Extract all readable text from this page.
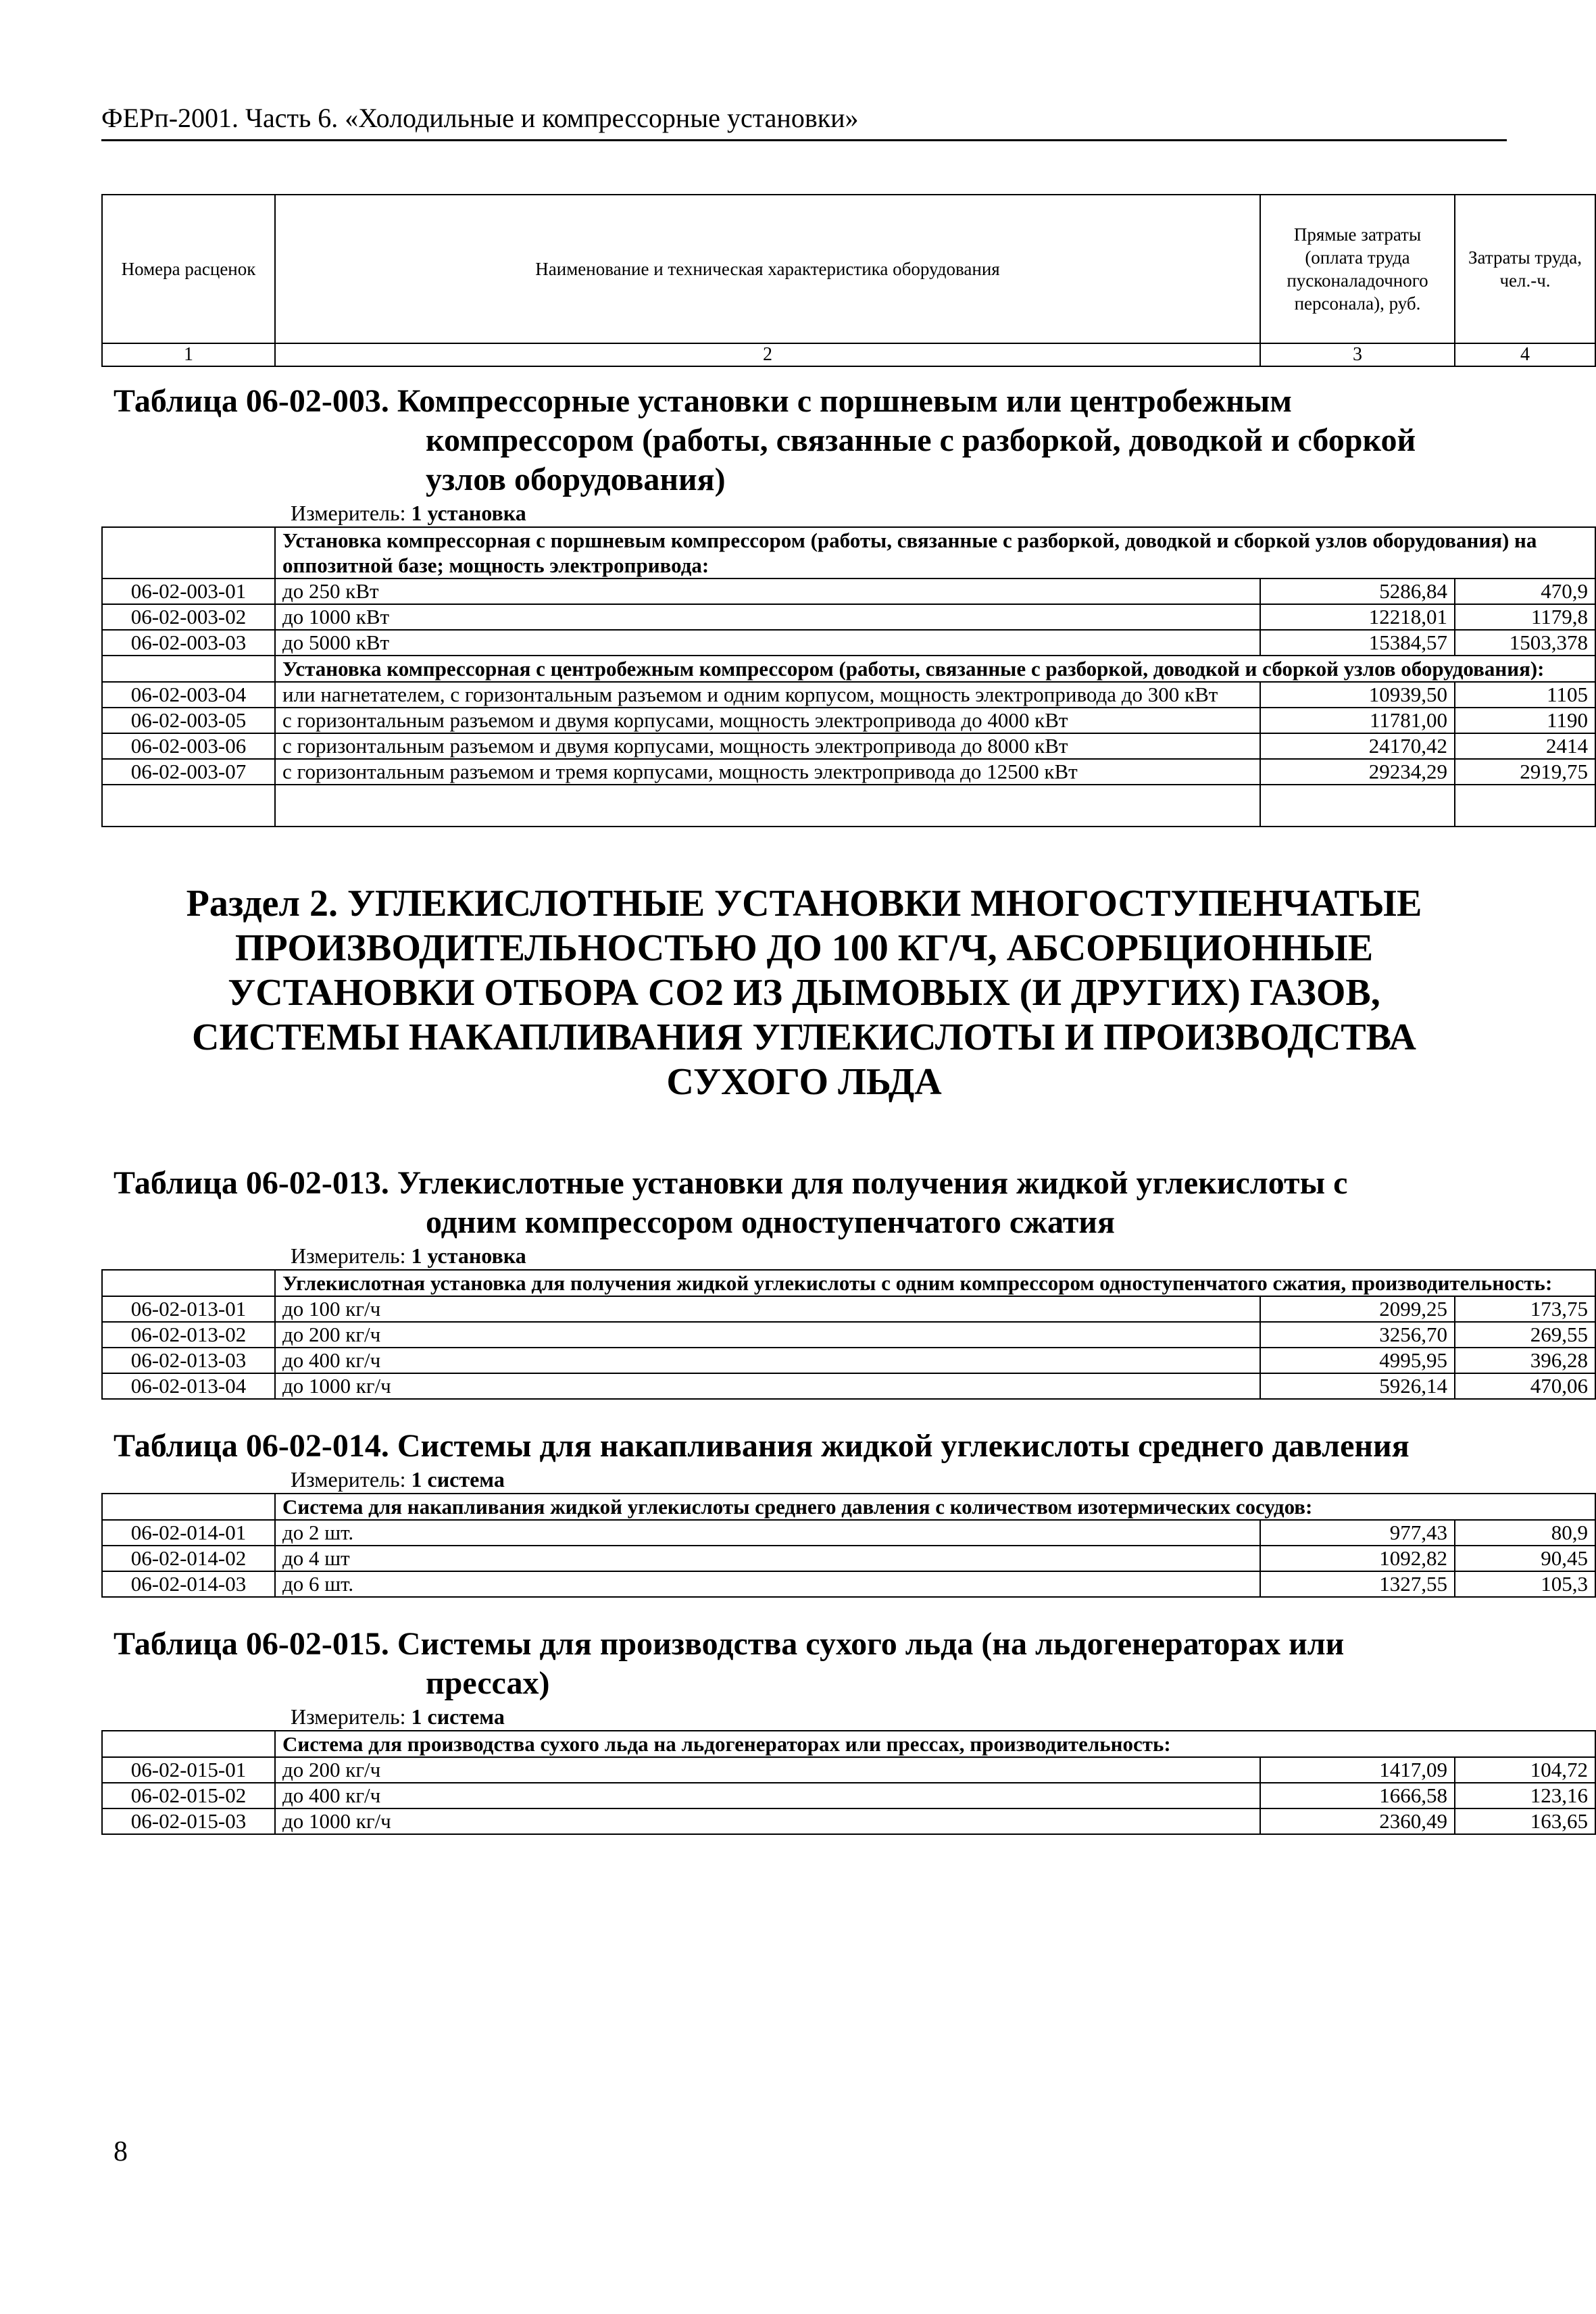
ФЕРп-2001. Часть 6. «Холодильные и компрессорные установки»
Номера расценок	Наименование и техническая характеристика оборудования	Прямые затраты (оплата труда пусконаладочного персонала), руб.	Затраты труда, чел.-ч.
1	2	3	4
Таблица 06-02-003. Компрессорные установки с поршневым или центробежным
компрессором (работы, связанные с разборкой, доводкой и сборкой
узлов оборудования)
Измеритель: 1 установка
	Установка компрессорная с поршневым компрессором (работы, связанные с разборкой, доводкой и сборкой узлов оборудования) на оппозитной базе; мощность электропривода:		
06-02-003-01	до 250 кВт	5286,84	470,9
06-02-003-02	до 1000 кВт	12218,01	1179,8
06-02-003-03	до 5000 кВт	15384,57	1503,378
	Установка компрессорная с центробежным компрессором (работы, связанные с разборкой, доводкой и сборкой узлов оборудования):		
06-02-003-04	или нагнетателем, с горизонтальным разъемом и одним корпусом, мощность электропривода до 300 кВт	10939,50	1105
06-02-003-05	с горизонтальным разъемом и двумя корпусами, мощность электропривода до 4000 кВт	11781,00	1190
06-02-003-06	с горизонтальным разъемом и двумя корпусами, мощность электропривода до 8000 кВт	24170,42	2414
06-02-003-07	с горизонтальным разъемом и тремя корпусами, мощность электропривода до 12500 кВт	29234,29	2919,75

Раздел 2. УГЛЕКИСЛОТНЫЕ УСТАНОВКИ МНОГОСТУПЕНЧАТЫЕ
ПРОИЗВОДИТЕЛЬНОСТЬЮ ДО 100 КГ/Ч, АБСОРБЦИОННЫЕ
УСТАНОВКИ ОТБОРА СО2 ИЗ ДЫМОВЫХ (И ДРУГИХ) ГАЗОВ,
СИСТЕМЫ НАКАПЛИВАНИЯ УГЛЕКИСЛОТЫ И ПРОИЗВОДСТВА
СУХОГО ЛЬДА
Таблица 06-02-013. Углекислотные установки для получения жидкой углекислоты с
одним компрессором одноступенчатого сжатия
Измеритель: 1 установка
	Углекислотная установка для получения жидкой углекислоты с одним компрессором одноступенчатого сжатия, производительность:		
06-02-013-01	до 100 кг/ч	2099,25	173,75
06-02-013-02	до 200 кг/ч	3256,70	269,55
06-02-013-03	до 400 кг/ч	4995,95	396,28
06-02-013-04	до 1000 кг/ч	5926,14	470,06
Таблица 06-02-014. Системы для накапливания жидкой углекислоты среднего давления
Измеритель: 1 система
	Система для накапливания жидкой углекислоты среднего давления с количеством изотермических сосудов:		
06-02-014-01	до 2 шт.	977,43	80,9
06-02-014-02	до 4 шт	1092,82	90,45
06-02-014-03	до 6 шт.	1327,55	105,3
Таблица 06-02-015. Системы для производства сухого льда (на льдогенераторах или
прессах)
Измеритель: 1 система
	Система для производства сухого льда на льдогенераторах или прессах, производительность:		
06-02-015-01	до 200 кг/ч	1417,09	104,72
06-02-015-02	до 400 кг/ч	1666,58	123,16
06-02-015-03	до 1000 кг/ч	2360,49	163,65
8
